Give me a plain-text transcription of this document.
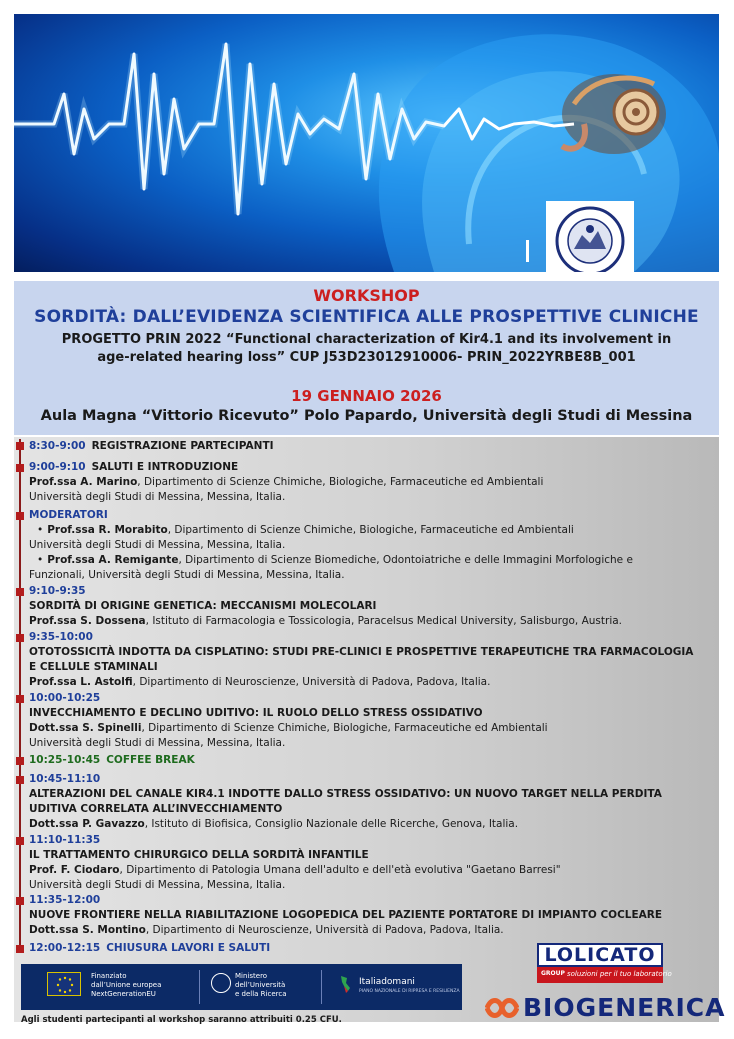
WORKSHOP
SORDITÀ: DALL’EVIDENZA SCIENTIFICA ALLE PROSPETTIVE CLINICHE
PROGETTO PRIN 2022 “Functional characterization of Kir4.1 and its involvement in
age-related hearing loss” CUP J53D23012910006- PRIN_2022YRBE8B_001
19 GENNAIO 2026
Aula Magna “Vittorio Ricevuto” Polo Papardo, Università degli Studi di Messina
8:30-9:00 REGISTRAZIONE PARTECIPANTI
9:00-9:10 SALUTI E INTRODUZIONE
Prof.ssa A. Marino, Dipartimento di Scienze Chimiche, Biologiche, Farmaceutiche ed Ambientali
Università degli Studi di Messina, Messina, Italia.
MODERATORI
• Prof.ssa R. Morabito, Dipartimento di Scienze Chimiche, Biologiche, Farmaceutiche ed Ambientali
Università degli Studi di Messina, Messina, Italia.
• Prof.ssa A. Remigante, Dipartimento di Scienze Biomediche, Odontoiatriche e delle Immagini Morfologiche e
Funzionali, Università degli Studi di Messina, Messina, Italia.
9:10-9:35
SORDITÀ DI ORIGINE GENETICA: MECCANISMI MOLECOLARI
Prof.ssa S. Dossena, Istituto di Farmacologia e Tossicologia, Paracelsus Medical University, Salisburgo, Austria.
9:35-10:00
OTOTOSSICITÀ INDOTTA DA CISPLATINO: STUDI PRE-CLINICI E PROSPETTIVE TERAPEUTICHE TRA FARMACOLOGIA
E CELLULE STAMINALI
Prof.ssa L. Astolfi, Dipartimento di Neuroscienze, Università di Padova, Padova, Italia.
10:00-10:25
INVECCHIAMENTO E DECLINO UDITIVO: IL RUOLO DELLO STRESS OSSIDATIVO
Dott.ssa S. Spinelli, Dipartimento di Scienze Chimiche, Biologiche, Farmaceutiche ed Ambientali
Università degli Studi di Messina, Messina, Italia.
10:25-10:45 COFFEE BREAK
10:45-11:10
ALTERAZIONI DEL CANALE KIR4.1 INDOTTE DALLO STRESS OSSIDATIVO: UN NUOVO TARGET NELLA PERDITA
UDITIVA CORRELATA ALL’INVECCHIAMENTO
Dott.ssa P. Gavazzo, Istituto di Biofisica, Consiglio Nazionale delle Ricerche, Genova, Italia.
11:10-11:35
IL TRATTAMENTO CHIRURGICO DELLA SORDITÀ INFANTILE
Prof. F. Ciodaro, Dipartimento di Patologia Umana dell'adulto e dell'età evolutiva "Gaetano Barresi"
Università degli Studi di Messina, Messina, Italia.
11:35-12:00
NUOVE FRONTIERE NELLA RIABILITAZIONE LOGOPEDICA DEL PAZIENTE PORTATORE DI IMPIANTO COCLEARE
Dott.ssa S. Montino, Dipartimento di Neuroscienze, Università di Padova, Padova, Italia.
12:00-12:15 CHIUSURA LAVORI E SALUTI
Finanziato
dall’Unione europea
NextGenerationEU
Ministero
dell’Università
e della Ricerca
Italiadomani
PIANO NAZIONALE DI RIPRESA E RESILIENZA
Agli studenti partecipanti al workshop saranno attribuiti 0.25 CFU.
LOLICATO
GROUP soluzioni per il tuo laboratorio
BIOGENERICA
